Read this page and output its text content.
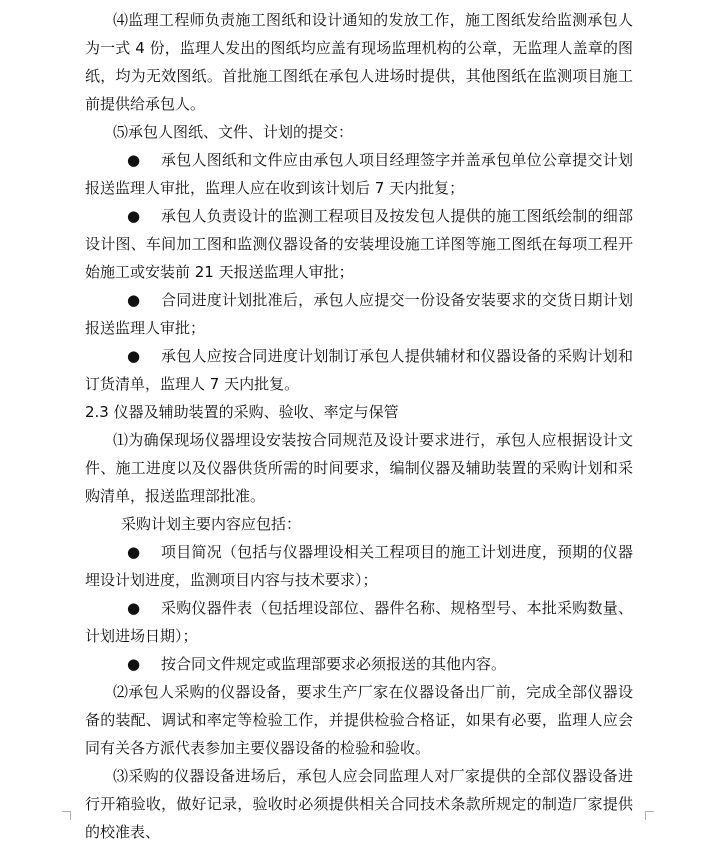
⑷监理工程师负责施工图纸和设计通知的发放工作，施工图纸发给监测承包人为一式 4 份，监理人发出的图纸均应盖有现场监理机构的公章，无监理人盖章的图纸，均为无效图纸。首批施工图纸在承包人进场时提供，其他图纸在监测项目施工前提供给承包人。

⑸承包人图纸、文件、计划的提交：

● 承包人图纸和文件应由承包人项目经理签字并盖承包单位公章提交计划报送监理人审批，监理人应在收到该计划后 7 天内批复；

● 承包人负责设计的监测工程项目及按发包人提供的施工图纸绘制的细部设计图、车间加工图和监测仪器设备的安装埋设施工详图等施工图纸在每项工程开始施工或安装前 21 天报送监理人审批；

● 合同进度计划批准后，承包人应提交一份设备安装要求的交货日期计划报送监理人审批；

● 承包人应按合同进度计划制订承包人提供辅材和仪器设备的采购计划和订货清单，监理人 7 天内批复。

2.3 仪器及辅助装置的采购、验收、率定与保管

⑴为确保现场仪器埋设安装按合同规范及设计要求进行，承包人应根据设计文件、施工进度以及仪器供货所需的时间要求，编制仪器及辅助装置的采购计划和采购清单，报送监理部批准。

采购计划主要内容应包括：

● 项目简况（包括与仪器埋设相关工程项目的施工计划进度，预期的仪器埋设计划进度，监测项目内容与技术要求）；

● 采购仪器件表（包括埋设部位、器件名称、规格型号、本批采购数量、计划进场日期）；

● 按合同文件规定或监理部要求必须报送的其他内容。

⑵承包人采购的仪器设备，要求生产厂家在仪器设备出厂前，完成全部仪器设备的装配、调试和率定等检验工作，并提供检验合格证，如果有必要，监理人应会同有关各方派代表参加主要仪器设备的检验和验收。

⑶采购的仪器设备进场后，承包人应会同监理人对厂家提供的全部仪器设备进行开箱验收，做好记录，验收时必须提供相关合同技术条款所规定的制造厂家提供的校准表、
